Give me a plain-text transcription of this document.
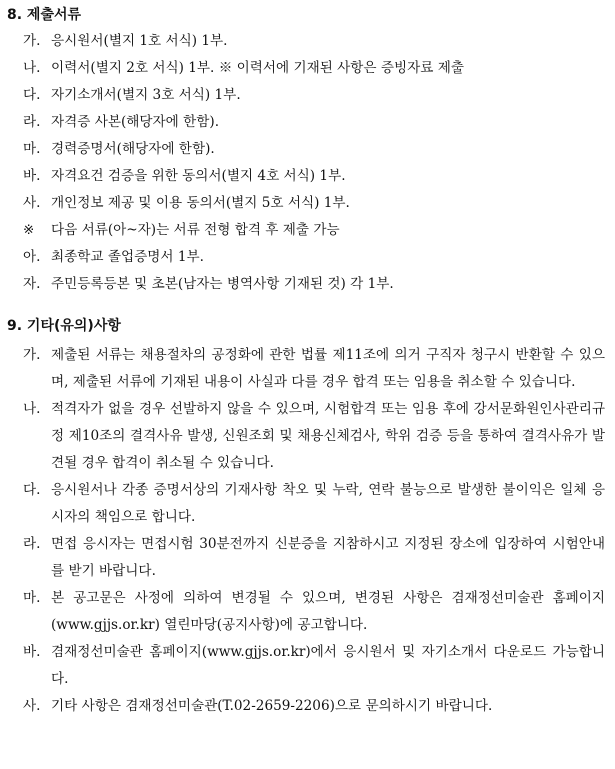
8. 제출서류
가. 응시원서(별지 1호 서식) 1부.
나. 이력서(별지 2호 서식) 1부. ※ 이력서에 기재된 사항은 증빙자료 제출
다. 자기소개서(별지 3호 서식) 1부.
라. 자격증 사본(해당자에 한함).
마. 경력증명서(해당자에 한함).
바. 자격요건 검증을 위한 동의서(별지 4호 서식) 1부.
사. 개인정보 제공 및 이용 동의서(별지 5호 서식) 1부.
※	다음 서류(아~자)는 서류 전형 합격 후 제출 가능
아. 최종학교 졸업증명서 1부.
자. 주민등록등본 및 초본(남자는 병역사항 기재된 것) 각 1부.
9. 기타(유의)사항
가. 제출된 서류는 채용절차의 공정화에 관한 법률 제11조에 의거 구직자 청구시 반환할 수 있으며, 제출된 서류에 기재된 내용이 사실과 다를 경우 합격 또는 임용을 취소할 수 있습니다.
나. 적격자가 없을 경우 선발하지 않을 수 있으며, 시험합격 또는 임용 후에 강서문화원인사관리규정 제10조의 결격사유 발생, 신원조회 및 채용신체검사, 학위 검증 등을 통하여 결격사유가 발견될 경우 합격이 취소될 수 있습니다.
다. 응시원서나 각종 증명서상의 기재사항 착오 및 누락, 연락 불능으로 발생한 불이익은 일체 응시자의 책임으로 합니다.
라. 면접 응시자는 면접시험 30분전까지 신분증을 지참하시고 지정된 장소에 입장하여 시험안내를 받기 바랍니다.
마. 본 공고문은 사정에 의하여 변경될 수 있으며, 변경된 사항은 겸재정선미술관 홈페이지(www.gjjs.or.kr) 열린마당(공지사항)에 공고합니다.
바. 겸재정선미술관 홈페이지(www.gjjs.or.kr)에서 응시원서 및 자기소개서 다운로드 가능합니다.
사. 기타 사항은 겸재정선미술관(T.02-2659-2206)으로 문의하시기 바랍니다.
